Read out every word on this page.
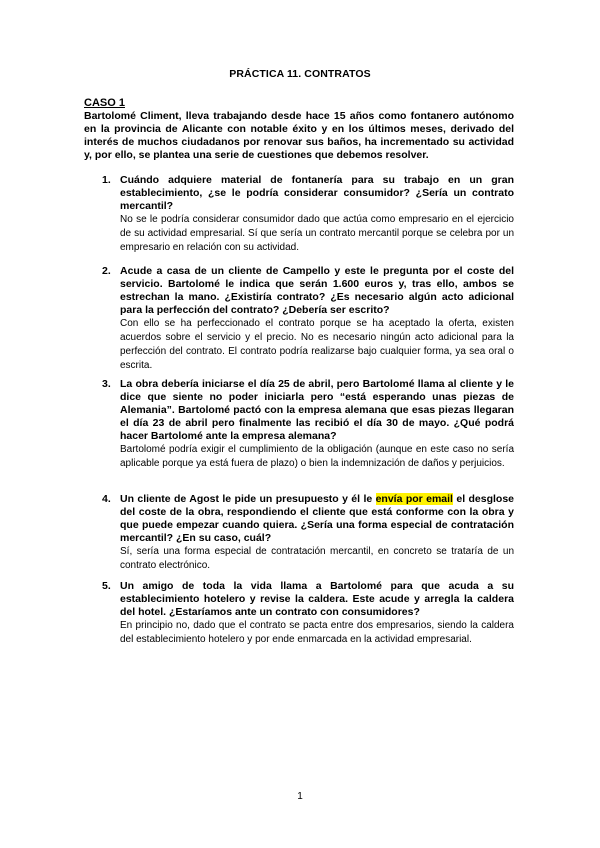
PRÁCTICA 11. CONTRATOS
CASO 1
Bartolomé Climent, lleva trabajando desde hace 15 años como fontanero autónomo en la provincia de Alicante con notable éxito y en los últimos meses, derivado del interés de muchos ciudadanos por renovar sus baños, ha incrementado su actividad y, por ello, se plantea una serie de cuestiones que debemos resolver.
1. Cuándo adquiere material de fontanería para su trabajo en un gran establecimiento, ¿se le podría considerar consumidor? ¿Sería un contrato mercantil?
No se le podría considerar consumidor dado que actúa como empresario en el ejercicio de su actividad empresarial. Sí que sería un contrato mercantil porque se celebra por un empresario en relación con su actividad.
2. Acude a casa de un cliente de Campello y este le pregunta por el coste del servicio. Bartolomé le indica que serán 1.600 euros y, tras ello, ambos se estrechan la mano. ¿Existiría contrato? ¿Es necesario algún acto adicional para la perfección del contrato? ¿Debería ser escrito?
Con ello se ha perfeccionado el contrato porque se ha aceptado la oferta, existen acuerdos sobre el servicio y el precio. No es necesario ningún acto adicional para la perfección del contrato. El contrato podría realizarse bajo cualquier forma, ya sea oral o escrita.
3. La obra debería iniciarse el día 25 de abril, pero Bartolomé llama al cliente y le dice que siente no poder iniciarla pero “está esperando unas piezas de Alemania”. Bartolomé pactó con la empresa alemana que esas piezas llegaran el día 23 de abril pero finalmente las recibió el día 30 de mayo. ¿Qué podrá hacer Bartolomé ante la empresa alemana?
Bartolomé podría exigir el cumplimiento de la obligación (aunque en este caso no sería aplicable porque ya está fuera de plazo) o bien la indemnización de daños y perjuicios.
4. Un cliente de Agost le pide un presupuesto y él le envía por email el desglose del coste de la obra, respondiendo el cliente que está conforme con la obra y que puede empezar cuando quiera. ¿Sería una forma especial de contratación mercantil? ¿En su caso, cuál?
Sí, sería una forma especial de contratación mercantil, en concreto se trataría de un contrato electrónico.
5. Un amigo de toda la vida llama a Bartolomé para que acuda a su establecimiento hotelero y revise la caldera. Este acude y arregla la caldera del hotel. ¿Estaríamos ante un contrato con consumidores?
En principio no, dado que el contrato se pacta entre dos empresarios, siendo la caldera del establecimiento hotelero y por ende enmarcada en la actividad empresarial.
1
